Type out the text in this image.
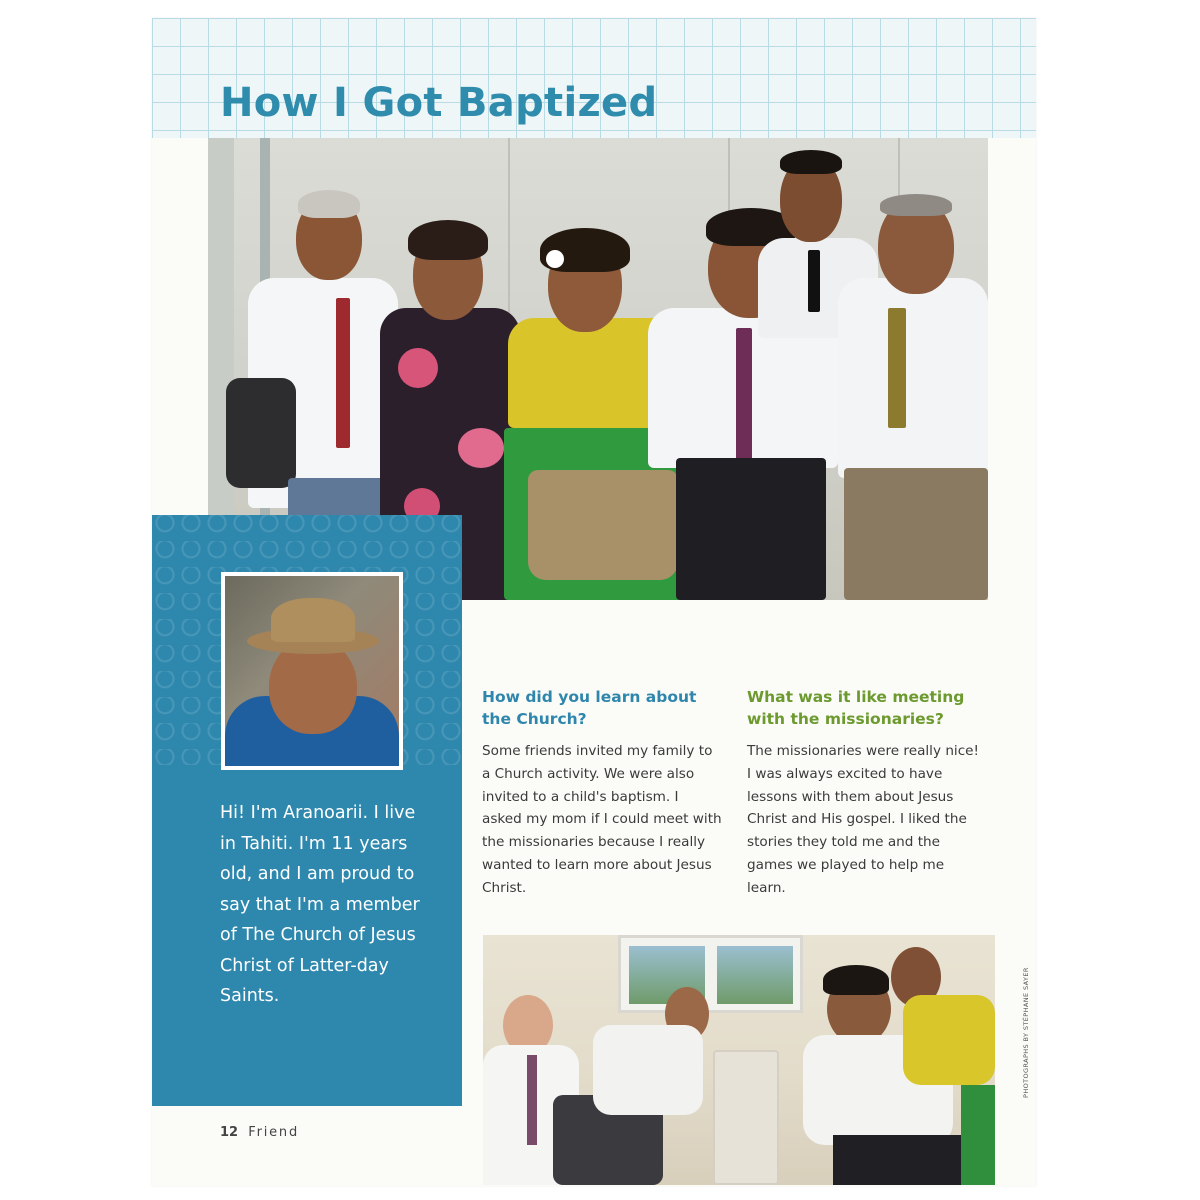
How I Got Baptized

Hi! I'm Aranoarii. I live in Tahiti. I'm 11 years old, and I am proud to say that I'm a member of The Church of Jesus Christ of Latter-day Saints.

How did you learn about the Church?

Some friends invited my family to a Church activity. We were also invited to a child's baptism. I asked my mom if I could meet with the missionaries because I really wanted to learn more about Jesus Christ.

What was it like meeting with the missionaries?

The missionaries were really nice! I was always excited to have lessons with them about Jesus Christ and His gospel. I liked the stories they told me and the games we played to help me learn.

PHOTOGRAPHS BY STÉPHANE SAYER
12 Friend
